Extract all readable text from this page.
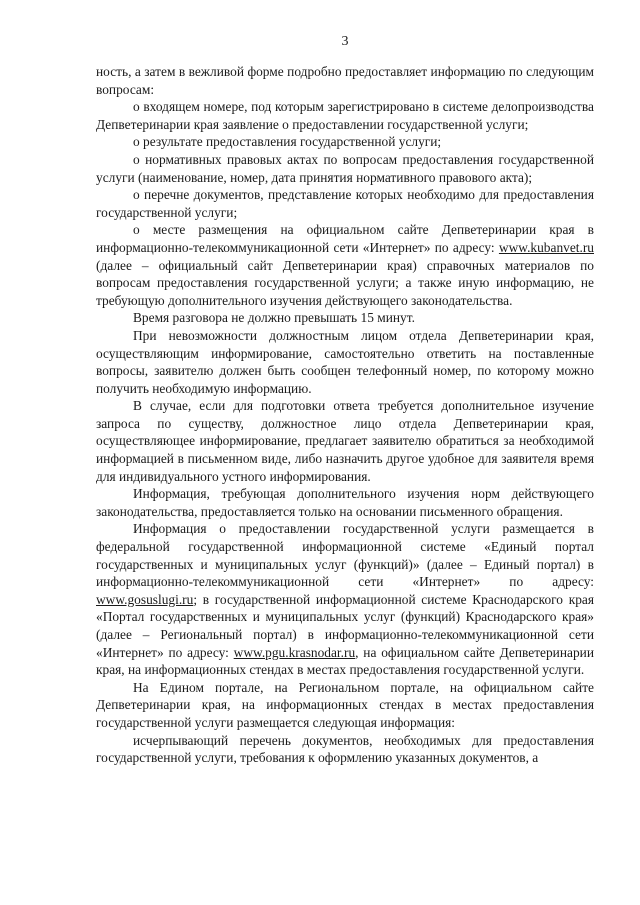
3

ность, а затем в вежливой форме подробно предоставляет информацию по следующим вопросам:

о входящем номере, под которым зарегистрировано в системе делопроизводства Депветеринарии края заявление о предоставлении государственной услуги;

о результате предоставления государственной услуги;

о нормативных правовых актах по вопросам предоставления государственной услуги (наименование, номер, дата принятия нормативного правового акта);

о перечне документов, представление которых необходимо для предоставления государственной услуги;

о месте размещения на официальном сайте Депветеринарии края в информационно-телекоммуникационной сети «Интернет» по адресу: www.kubanvet.ru (далее – официальный сайт Депветеринарии края) справочных материалов по вопросам предоставления государственной услуги; а также иную информацию, не требующую дополнительного изучения действующего законодательства.

Время разговора не должно превышать 15 минут.

При невозможности должностным лицом отдела Депветеринарии края, осуществляющим информирование, самостоятельно ответить на поставленные вопросы, заявителю должен быть сообщен телефонный номер, по которому можно получить необходимую информацию.

В случае, если для подготовки ответа требуется дополнительное изучение запроса по существу, должностное лицо отдела Депветеринарии края, осуществляющее информирование, предлагает заявителю обратиться за необходимой информацией в письменном виде, либо назначить другое удобное для заявителя время для индивидуального устного информирования.

Информация, требующая дополнительного изучения норм действующего законодательства, предоставляется только на основании письменного обращения.

Информация о предоставлении государственной услуги размещается в федеральной государственной информационной системе «Единый портал государственных и муниципальных услуг (функций)» (далее – Единый портал) в информационно-телекоммуникационной сети «Интернет» по адресу: www.gosuslugi.ru; в государственной информационной системе Краснодарского края «Портал государственных и муниципальных услуг (функций) Краснодарского края» (далее – Региональный портал) в информационно-телекоммуникационной сети «Интернет» по адресу: www.pgu.krasnodar.ru, на официальном сайте Депветеринарии края, на информационных стендах в местах предоставления государственной услуги.

На Едином портале, на Региональном портале, на официальном сайте Депветеринарии края, на информационных стендах в местах предоставления государственной услуги размещается следующая информация:

исчерпывающий перечень документов, необходимых для предоставления государственной услуги, требования к оформлению указанных документов, а
